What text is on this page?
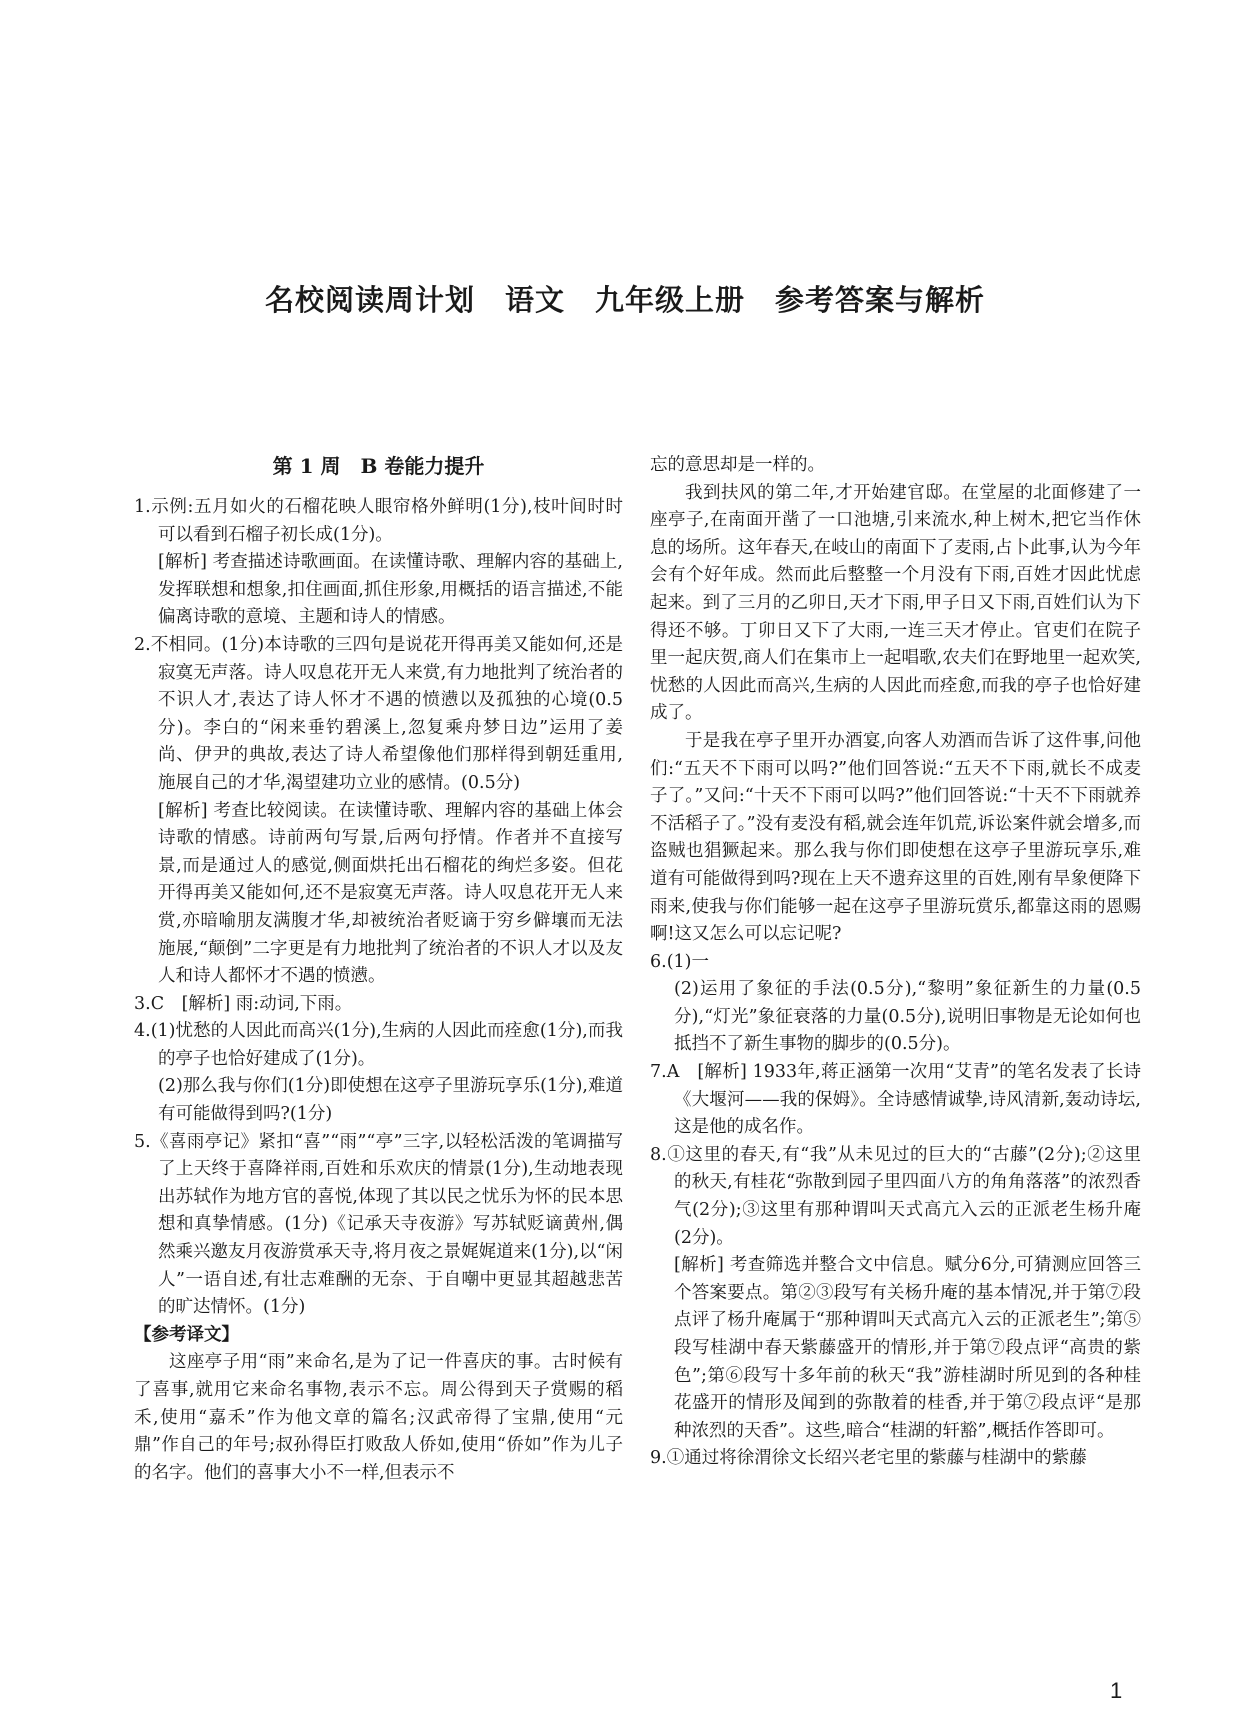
名校阅读周计划　语文　九年级上册　参考答案与解析
第 1 周　B 卷能力提升

1.示例:五月如火的石榴花映人眼帘格外鲜明(1分),枝叶间时时可以看到石榴子初长成(1分)。

[解析] 考查描述诗歌画面。在读懂诗歌、理解内容的基础上,发挥联想和想象,扣住画面,抓住形象,用概括的语言描述,不能偏离诗歌的意境、主题和诗人的情感。

2.不相同。(1分)本诗歌的三四句是说花开得再美又能如何,还是寂寞无声落。诗人叹息花开无人来赏,有力地批判了统治者的不识人才,表达了诗人怀才不遇的愤懑以及孤独的心境(0.5分)。李白的“闲来垂钓碧溪上,忽复乘舟梦日边”运用了姜尚、伊尹的典故,表达了诗人希望像他们那样得到朝廷重用,施展自己的才华,渴望建功立业的感情。(0.5分)

[解析] 考查比较阅读。在读懂诗歌、理解内容的基础上体会诗歌的情感。诗前两句写景,后两句抒情。作者并不直接写景,而是通过人的感觉,侧面烘托出石榴花的绚烂多姿。但花开得再美又能如何,还不是寂寞无声落。诗人叹息花开无人来赏,亦暗喻朋友满腹才华,却被统治者贬谪于穷乡僻壤而无法施展,“颠倒”二字更是有力地批判了统治者的不识人才以及友人和诗人都怀才不遇的愤懑。

3.C　[解析] 雨:动词,下雨。

4.(1)忧愁的人因此而高兴(1分),生病的人因此而痊愈(1分),而我的亭子也恰好建成了(1分)。

(2)那么我与你们(1分)即使想在这亭子里游玩享乐(1分),难道有可能做得到吗?(1分)

5.《喜雨亭记》紧扣“喜”“雨”“亭”三字,以轻松活泼的笔调描写了上天终于喜降祥雨,百姓和乐欢庆的情景(1分),生动地表现出苏轼作为地方官的喜悦,体现了其以民之忧乐为怀的民本思想和真挚情感。(1分)《记承天寺夜游》写苏轼贬谪黄州,偶然乘兴邀友月夜游赏承天寺,将月夜之景娓娓道来(1分),以“闲人”一语自述,有壮志难酬的无奈、于自嘲中更显其超越悲苦的旷达情怀。(1分)

【参考译文】

这座亭子用“雨”来命名,是为了记一件喜庆的事。古时候有了喜事,就用它来命名事物,表示不忘。周公得到天子赏赐的稻禾,使用“嘉禾”作为他文章的篇名;汉武帝得了宝鼎,使用“元鼎”作自己的年号;叔孙得臣打败敌人侨如,使用“侨如”作为儿子的名字。他们的喜事大小不一样,但表示不

忘的意思却是一样的。

我到扶风的第二年,才开始建官邸。在堂屋的北面修建了一座亭子,在南面开凿了一口池塘,引来流水,种上树木,把它当作休息的场所。这年春天,在岐山的南面下了麦雨,占卜此事,认为今年会有个好年成。然而此后整整一个月没有下雨,百姓才因此忧虑起来。到了三月的乙卯日,天才下雨,甲子日又下雨,百姓们认为下得还不够。丁卯日又下了大雨,一连三天才停止。官吏们在院子里一起庆贺,商人们在集市上一起唱歌,农夫们在野地里一起欢笑,忧愁的人因此而高兴,生病的人因此而痊愈,而我的亭子也恰好建成了。

于是我在亭子里开办酒宴,向客人劝酒而告诉了这件事,问他们:“五天不下雨可以吗?”他们回答说:“五天不下雨,就长不成麦子了。”又问:“十天不下雨可以吗?”他们回答说:“十天不下雨就养不活稻子了。”没有麦没有稻,就会连年饥荒,诉讼案件就会增多,而盗贼也猖獗起来。那么我与你们即使想在这亭子里游玩享乐,难道有可能做得到吗?现在上天不遗弃这里的百姓,刚有旱象便降下雨来,使我与你们能够一起在这亭子里游玩赏乐,都靠这雨的恩赐啊!这又怎么可以忘记呢?

6.(1)一

(2)运用了象征的手法(0.5分),“黎明”象征新生的力量(0.5分),“灯光”象征衰落的力量(0.5分),说明旧事物是无论如何也抵挡不了新生事物的脚步的(0.5分)。

7.A　[解析] 1933年,蒋正涵第一次用“艾青”的笔名发表了长诗《大堰河——我的保姆》。全诗感情诚挚,诗风清新,轰动诗坛,这是他的成名作。

8.①这里的春天,有“我”从未见过的巨大的“古藤”(2分);②这里的秋天,有桂花“弥散到园子里四面八方的角角落落”的浓烈香气(2分);③这里有那种谓叫天式高亢入云的正派老生杨升庵(2分)。

[解析] 考查筛选并整合文中信息。赋分6分,可猜测应回答三个答案要点。第②③段写有关杨升庵的基本情况,并于第⑦段点评了杨升庵属于“那种谓叫天式高亢入云的正派老生”;第⑤段写桂湖中春天紫藤盛开的情形,并于第⑦段点评“高贵的紫色”;第⑥段写十多年前的秋天“我”游桂湖时所见到的各种桂花盛开的情形及闻到的弥散着的桂香,并于第⑦段点评“是那种浓烈的天香”。这些,暗合“桂湖的轩豁”,概括作答即可。

9.①通过将徐渭徐文长绍兴老宅里的紫藤与桂湖中的紫藤

1
